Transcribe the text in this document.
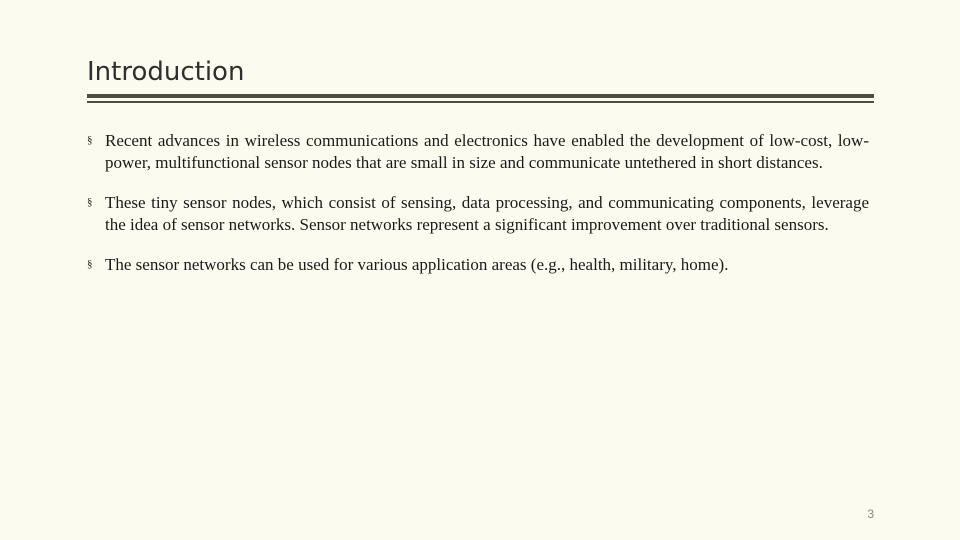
Introduction
§ Recent advances in wireless communications and electronics have enabled the development of low-cost, low-power, multifunctional sensor nodes that are small in size and communicate untethered in short distances.
§ These tiny sensor nodes, which consist of sensing, data processing, and communicating components, leverage the idea of sensor networks. Sensor networks represent a significant improvement over traditional sensors.
§ The sensor networks can be used for various application areas (e.g., health, military, home).
3
